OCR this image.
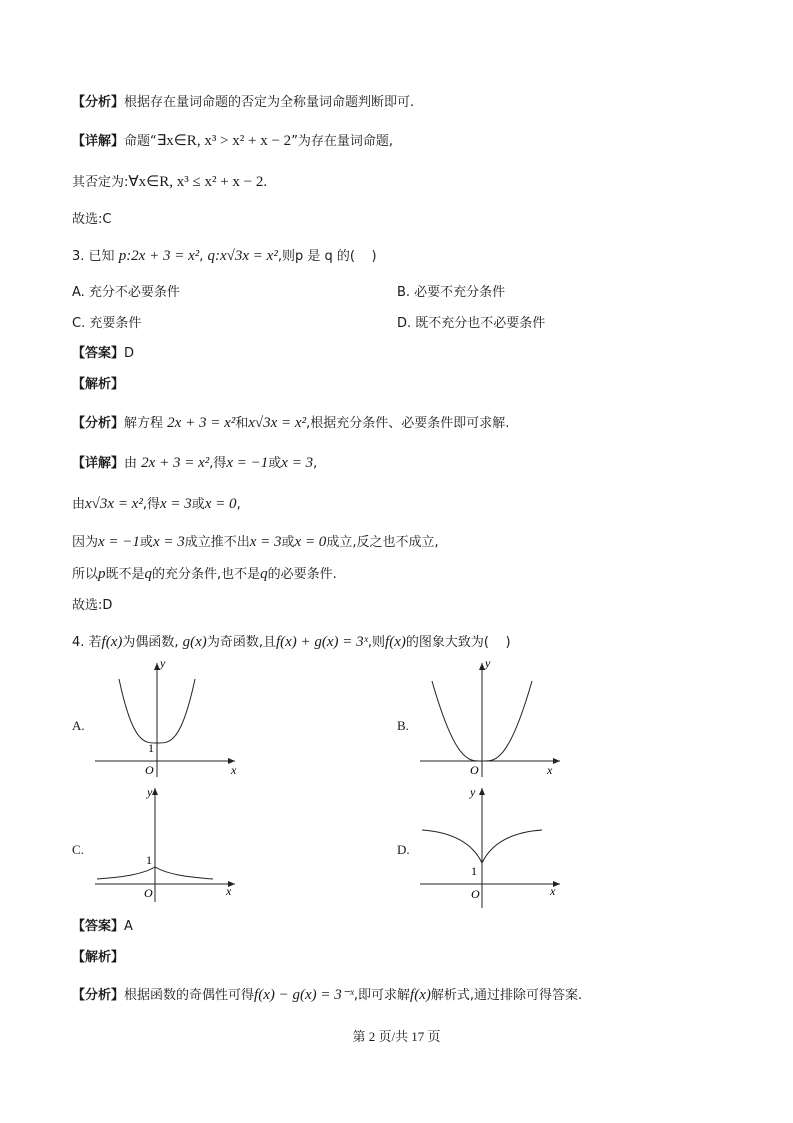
【分析】根据存在量词命题的否定为全称量词命题判断即可.
【详解】命题“∃x∈R, x³ > x² + x − 2”为存在量词命题,
其否定为:∀x∈R, x³ ≤ x² + x − 2.
故选:C
3. 已知 p:2x + 3 = x², q:x√3x = x²,则p 是 q 的( )
A. 充分不必要条件	B. 必要不充分条件
C. 充要条件	D. 既不充分也不必要条件
【答案】D
【解析】
【分析】解方程 2x + 3 = x²和x√3x = x²,根据充分条件、必要条件即可求解.
【详解】由 2x + 3 = x²,得x = −1或x = 3,
由x√3x = x²,得x = 3或x = 0,
因为x = −1或x = 3成立推不出x = 3或x = 0成立,反之也不成立,
所以p既不是q的充分条件,也不是q的必要条件.
故选:D
4. 若f(x)为偶函数, g(x)为奇函数,且f(x) + g(x) = 3ˣ,则f(x)的图象大致为( )
A.	B.
C.	D.
y
x
O
1
y
x
O
y
x
O
1
y
x
O
1
【答案】A
【解析】
【分析】根据函数的奇偶性可得f(x) − g(x) = 3⁻ˣ,即可求解f(x)解析式,通过排除可得答案.
第 2 页/共 17 页
